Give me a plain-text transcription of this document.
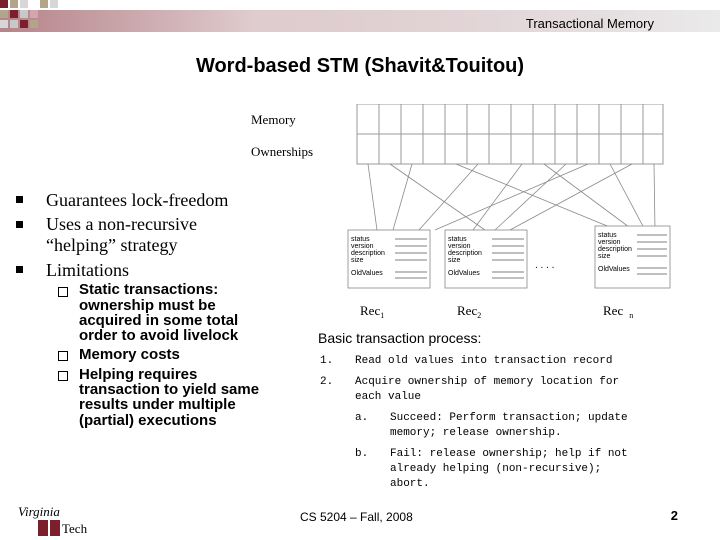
Transactional Memory
Word-based STM (Shavit&Touitou)
Memory
Ownerships
status
version
description
size
OldValues
status
version
description
size
OldValues
. . . .
status
version
description
size
OldValues
Rec$_1$	Rec$_2$	Rec $_n$
Guarantees lock-freedom
Uses a non-recursive
“helping” strategy
Limitations
Static transactions:
ownership must be
acquired in some total
order to avoid livelock
Memory costs
Helping requires
transaction to yield same
results under multiple
(partial) executions
Basic transaction process:
1. Read old values into transaction record
2. Acquire ownership of memory location for
each value
a. Succeed: Perform transaction; update
memory; release ownership.
b. Fail: release ownership; help if not
already helping (non-recursive);
abort.
Virginia
Tech
CS 5204 – Fall, 2008	2
